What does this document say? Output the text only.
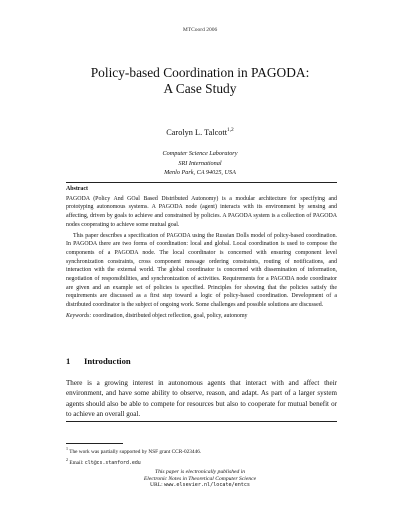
MTCoord 2006
Policy-based Coordination in PAGODA:
A Case Study
Carolyn L. Talcott$^{1,2}$
Computer Science Laboratory
SRI International
Menlo Park, CA 94025, USA
Abstract

PAGODA (Policy And GOal Based Distributed Autonomy) is a modular architecture for specifying and prototyping autonomous systems. A PAGODA node (agent) interacts with its environment by sensing and affecting, driven by goals to achieve and constrained by policies. A PAGODA system is a collection of PAGODA nodes cooperating to achieve some mutual goal.

This paper describes a specification of PAGODA using the Russian Dolls model of policy-based coordination. In PAGODA there are two forms of coordination: local and global. Local coordination is used to compose the components of a PAGODA node. The local coordinator is concerned with ensuring component level synchronization constraints, cross component message ordering constraints, routing of notifications, and interaction with the external world. The global coordinator is concerned with dissemination of information, negotiation of responsibilities, and synchronization of activities. Requirements for a PAGODA node coordinator are given and an example set of policies is specified. Principles for showing that the policies satisfy the requirements are discussed as a first step toward a logic of policy-based coordination. Development of a distributed coordinator is the subject of ongoing work. Some challenges and possible solutions are discussed.

Keywords: coordination, distributed object reflection, goal, policy, autonomy

1 Introduction

There is a growing interest in autonomous agents that interact with and affect their environment, and have some ability to observe, reason, and adapt. As part of a larger system agents should also be able to compete for resources but also to cooperate for mutual benefit or to achieve an overall goal.

$^1$ The work was partially supported by NSF grant CCR-023446.
$^2$ Email: clt@cs.stanford.edu
This paper is electronically published in
Electronic Notes in Theoretical Computer Science
URL: www.elsevier.nl/locate/entcs
